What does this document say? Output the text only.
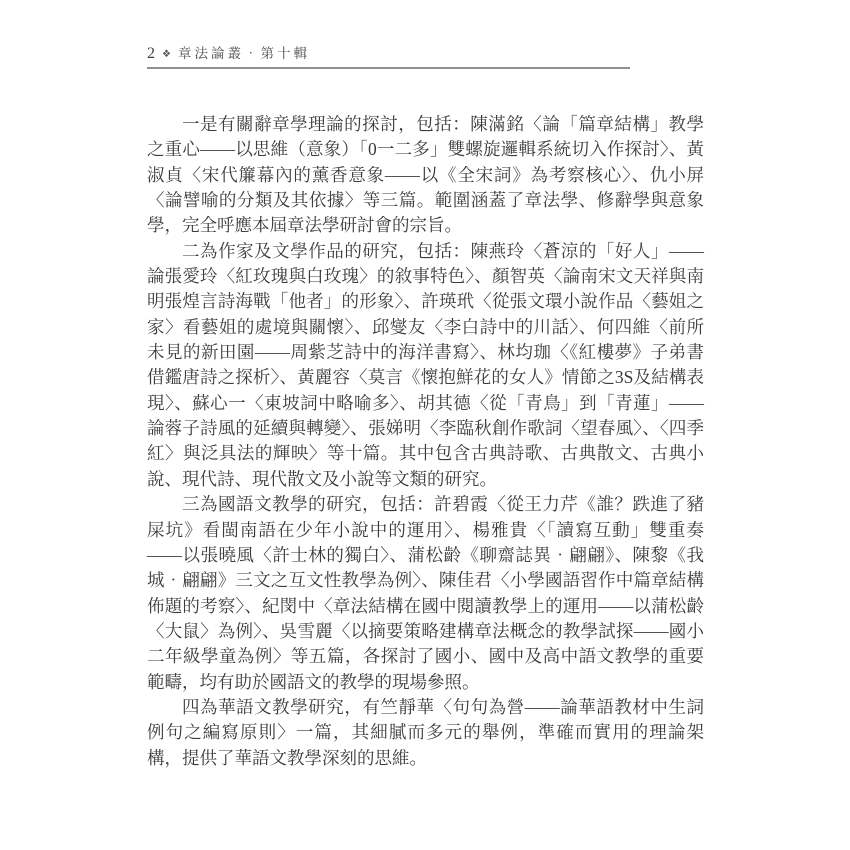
2 ❖ 章法論叢‧第十輯

一是有關辭章學理論的探討，包括：陳滿銘〈論「篇章結構」教學之重心——以思維（意象）「0一二多」雙螺旋邏輯系統切入作探討〉、黃淑貞〈宋代簾幕內的薰香意象——以《全宋詞》為考察核心〉、仇小屏〈論譬喻的分類及其依據〉等三篇。範圍涵蓋了章法學、修辭學與意象學，完全呼應本屆章法學研討會的宗旨。

二為作家及文學作品的研究，包括：陳燕玲〈蒼涼的「好人」——論張愛玲〈紅玫瑰與白玫瑰〉的敘事特色〉、顏智英〈論南宋文天祥與南明張煌言詩海戰「他者」的形象〉、許瑛玳〈從張文環小說作品〈藝姐之家〉看藝姐的處境與關懷〉、邱燮友〈李白詩中的川話〉、何四維〈前所未見的新田園——周紫芝詩中的海洋書寫〉、林均珈〈《紅樓夢》子弟書借鑑唐詩之探析〉、黃麗容〈莫言《懷抱鮮花的女人》情節之3S及結構表現〉、蘇心一〈東坡詞中略喻多〉、胡其德〈從「青鳥」到「青蓮」——論蓉子詩風的延續與轉變〉、張娣明〈李臨秋創作歌詞〈望春風〉、〈四季紅〉與泛具法的輝映〉等十篇。其中包含古典詩歌、古典散文、古典小說、現代詩、現代散文及小說等文類的研究。

三為國語文教學的研究，包括：許碧霞〈從王力芹《誰？跌進了豬屎坑》看閩南語在少年小說中的運用〉、楊雅貴〈「讀寫互動」雙重奏——以張曉風〈許士林的獨白〉、蒲松齡《聊齋誌異‧翩翩》、陳黎《我城‧翩翩》三文之互文性教學為例〉、陳佳君〈小學國語習作中篇章結構佈題的考察〉、紀閔中〈章法結構在國中閱讀教學上的運用——以蒲松齡〈大鼠〉為例〉、吳雪麗〈以摘要策略建構章法概念的教學試探——國小二年級學童為例〉等五篇，各探討了國小、國中及高中語文教學的重要範疇，均有助於國語文的教學的現場參照。

四為華語文教學研究，有竺靜華〈句句為營——論華語教材中生詞例句之編寫原則〉一篇，其細膩而多元的舉例，準確而實用的理論架構，提供了華語文教學深刻的思維。
